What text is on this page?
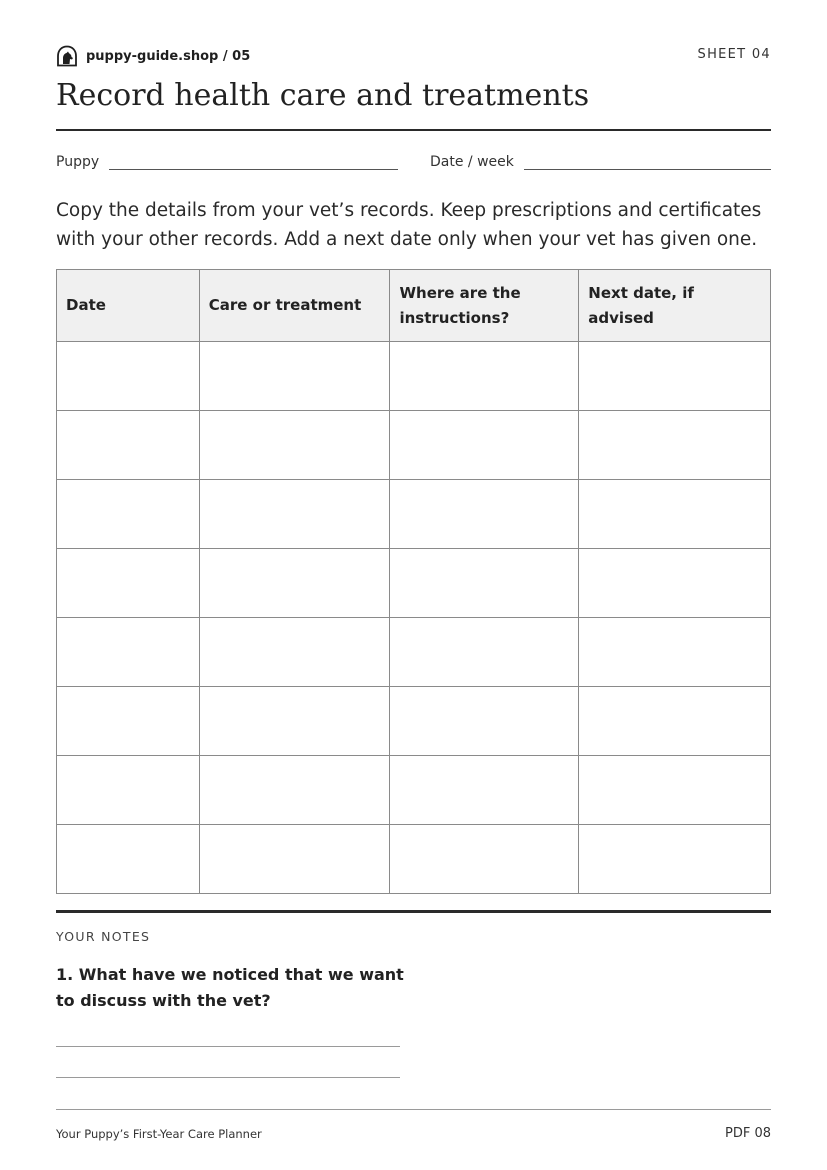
puppy-guide.shop / 05	SHEET 04
Record health care and treatments
Puppy	Date / week

Copy the details from your vet’s records. Keep prescriptions and certificates with your other records. Add a next date only when your vet has given one.

Date	Care or treatment	Where are the instructions?	Next date, if advised

YOUR NOTES
1. What have we noticed that we want to discuss with the vet?
Your Puppy’s First-Year Care Planner	PDF 08
